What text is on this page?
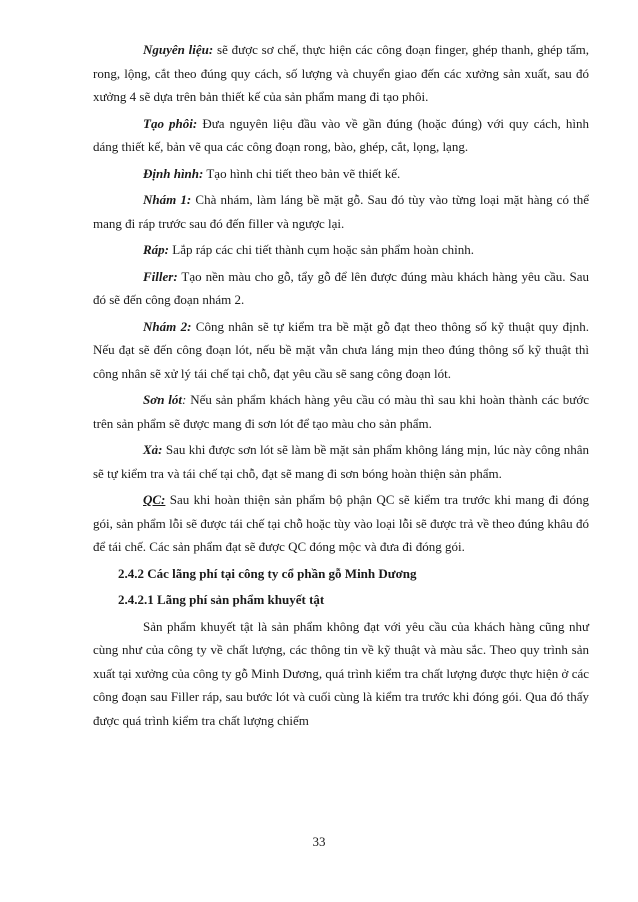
Nguyên liệu: sẽ được sơ chế, thực hiện các công đoạn finger, ghép thanh, ghép tấm, rong, lộng, cắt theo đúng quy cách, số lượng và chuyển giao đến các xưởng sản xuất, sau đó xưởng 4 sẽ dựa trên bản thiết kế của sản phẩm mang đi tạo phôi.

Tạo phôi: Đưa nguyên liệu đầu vào về gần đúng (hoặc đúng) với quy cách, hình dáng thiết kế, bản vẽ qua các công đoạn rong, bào, ghép, cắt, lọng, lạng.

Định hình: Tạo hình chi tiết theo bản vẽ thiết kế.

Nhám 1: Chà nhám, làm láng bề mặt gỗ. Sau đó tùy vào từng loại mặt hàng có thể mang đi ráp trước sau đó đến filler và ngược lại.

Ráp: Lắp ráp các chi tiết thành cụm hoặc sản phẩm hoàn chỉnh.

Filler: Tạo nền màu cho gỗ, tẩy gỗ để lên được đúng màu khách hàng yêu cầu. Sau đó sẽ đến công đoạn nhám 2.

Nhám 2: Công nhân sẽ tự kiểm tra bề mặt gỗ đạt theo thông số kỹ thuật quy định. Nếu đạt sẽ đến công đoạn lót, nếu bề mặt vẫn chưa láng mịn theo đúng thông số kỹ thuật thì công nhân sẽ xử lý tái chế tại chỗ, đạt yêu cầu sẽ sang công đoạn lót.

Sơn lót: Nếu sản phẩm khách hàng yêu cầu có màu thì sau khi hoàn thành các bước trên sản phẩm sẽ được mang đi sơn lót để tạo màu cho sản phẩm.

Xả: Sau khi được sơn lót sẽ làm bề mặt sản phẩm không láng mịn, lúc này công nhân sẽ tự kiểm tra và tái chế tại chỗ, đạt sẽ mang đi sơn bóng hoàn thiện sản phẩm.

QC: Sau khi hoàn thiện sản phẩm bộ phận QC sẽ kiểm tra trước khi mang đi đóng gói, sản phẩm lỗi sẽ được tái chế tại chỗ hoặc tùy vào loại lỗi sẽ được trả về theo đúng khâu đó để tái chế. Các sản phẩm đạt sẽ được QC đóng mộc và đưa đi đóng gói.

2.4.2 Các lãng phí tại công ty cổ phần gỗ Minh Dương

2.4.2.1 Lãng phí sản phẩm khuyết tật

Sản phẩm khuyết tật là sản phẩm không đạt với yêu cầu của khách hàng cũng như cùng như của công ty về chất lượng, các thông tin về kỹ thuật và màu sắc. Theo quy trình sản xuất tại xưởng của công ty gỗ Minh Dương, quá trình kiểm tra chất lượng được thực hiện ở các công đoạn sau Filler ráp, sau bước lót và cuối cùng là kiểm tra trước khi đóng gói. Qua đó thấy được quá trình kiểm tra chất lượng chiếm

33
